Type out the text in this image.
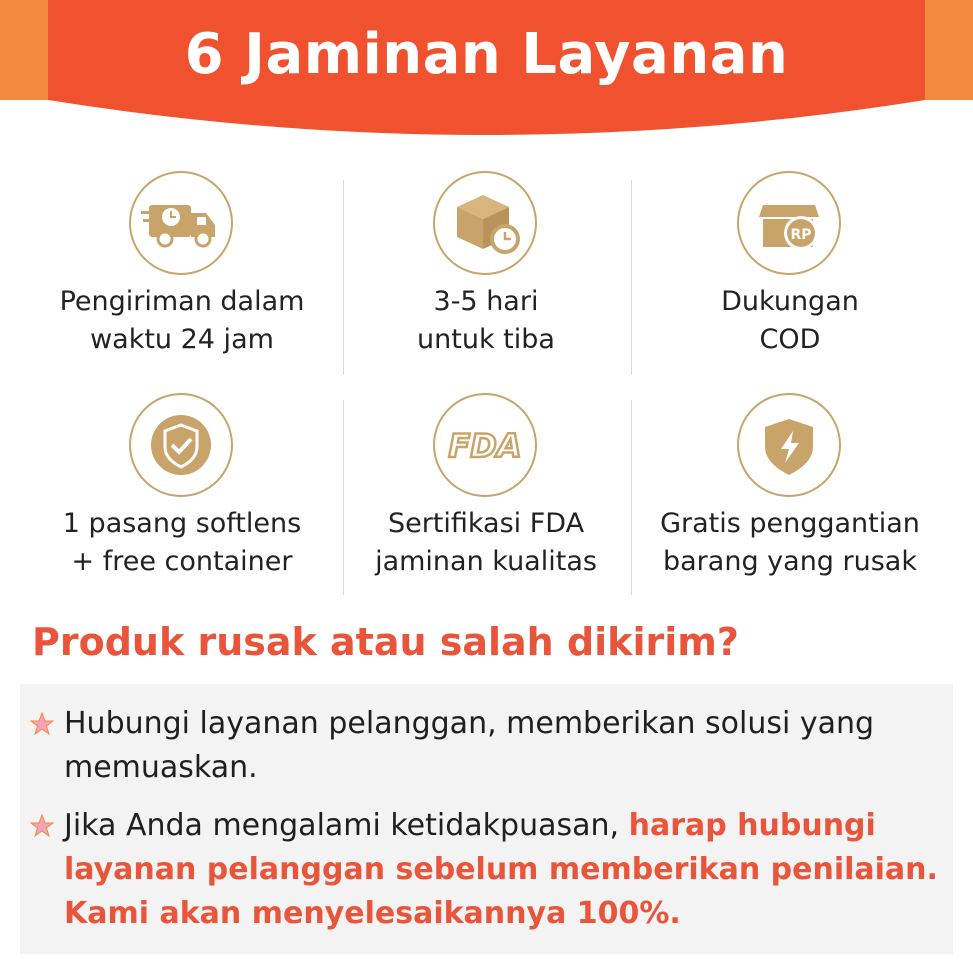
6 Jaminan Layanan
Pengiriman dalam
waktu 24 jam
3-5 hari
untuk tiba
RP
Dukungan
COD
1 pasang softlens
+ free container
FDA
Sertifikasi FDA
jaminan kualitas
Gratis penggantian
barang yang rusak
Produk rusak atau salah dikirim?
Hubungi layanan pelanggan, memberikan solusi yang
memuaskan.
Jika Anda mengalami ketidakpuasan, harap hubungi
layanan pelanggan sebelum memberikan penilaian.
Kami akan menyelesaikannya 100%.
